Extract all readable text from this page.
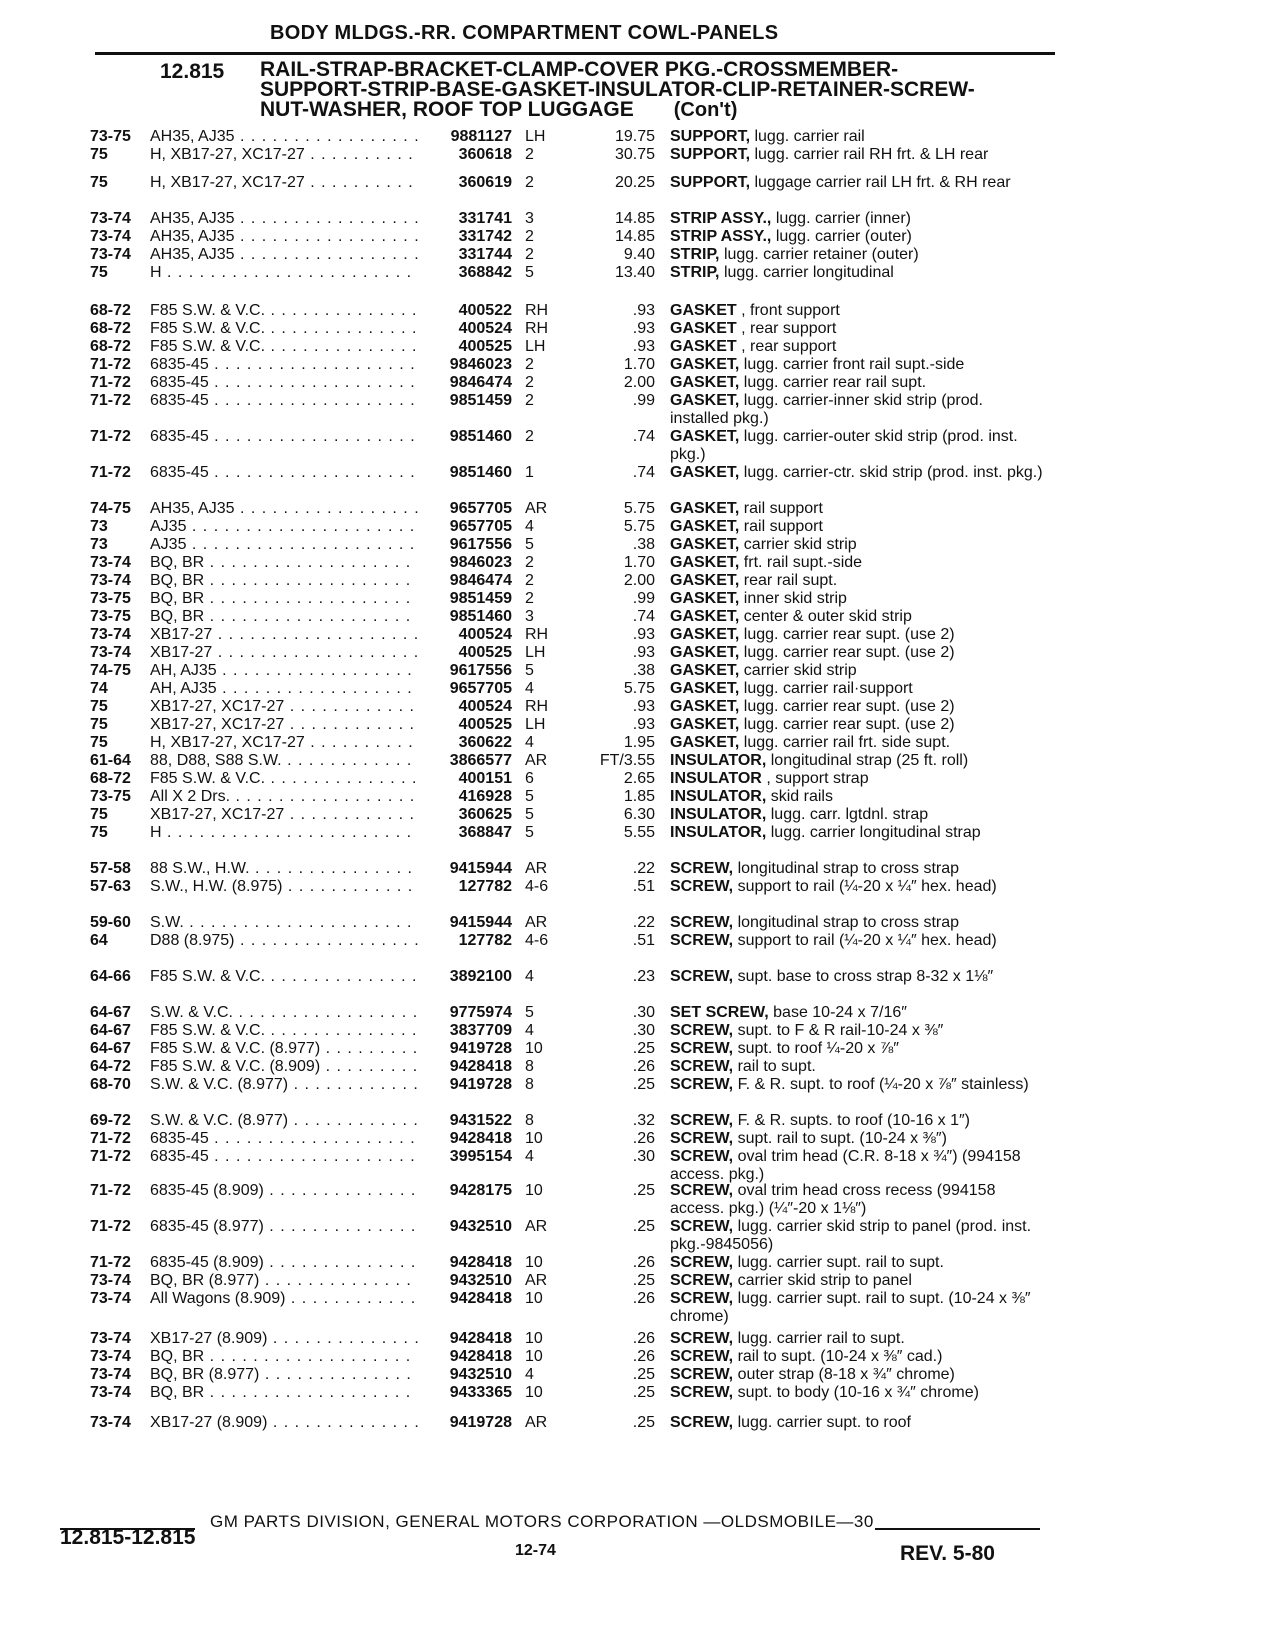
BODY MLDGS.-RR. COMPARTMENT COWL-PANELS
12.815 RAIL-STRAP-BRACKET-CLAMP-COVER PKG.-CROSSMEMBER-
SUPPORT-STRIP-BASE-GASKET-INSULATOR-CLIP-RETAINER-SCREW-
NUT-WASHER, ROOF TOP LUGGAGE (Con't)
73-75	AH35, AJ35 . . .	9881127 LH	19.75 SUPPORT, lugg. carrier rail
75	H, XB17-27, XC17-27 . . .	360618 2	30.75 SUPPORT, lugg. carrier rail RH frt. & LH rear
75	H, XB17-27, XC17-27 . . .	360619 2	20.25 SUPPORT, luggage carrier rail LH frt. & RH rear
73-74	AH35, AJ35 . . .	331741 3	14.85 STRIP ASSY., lugg. carrier (inner)
73-74	AH35, AJ35 . . .	331742 2	14.85 STRIP ASSY., lugg. carrier (outer)
73-74	AH35, AJ35 . . .	331744 2	9.40 STRIP, lugg. carrier retainer (outer)
75	H . . .	368842 5	13.40 STRIP, lugg. carrier longitudinal
68-72	F85 S.W. & V.C. . . .	400522 RH	.93 GASKET , front support
68-72	F85 S.W. & V.C. . . .	400524 RH	.93 GASKET , rear support
68-72	F85 S.W. & V.C. . . .	400525 LH	.93 GASKET , rear support
71-72	6835-45 . . .	9846023 2	1.70 GASKET, lugg. carrier front rail supt.-side
71-72	6835-45 . . .	9846474 2	2.00 GASKET, lugg. carrier rear rail supt.
71-72	6835-45 . . .	9851459 2	.99 GASKET, lugg. carrier-inner skid strip (prod. installed pkg.)
71-72	6835-45 . . .	9851460 2	.74 GASKET, lugg. carrier-outer skid strip (prod. inst. pkg.)
71-72	6835-45 . . .	9851460 1	.74 GASKET, lugg. carrier-ctr. skid strip (prod. inst. pkg.)
74-75	AH35, AJ35 . . .	9657705 AR	5.75 GASKET, rail support
73	AJ35 . . .	9657705 4	5.75 GASKET, rail support
73	AJ35 . . .	9617556 5	.38 GASKET, carrier skid strip
73-74	BQ, BR . . .	9846023 2	1.70 GASKET, frt. rail supt.-side
73-74	BQ, BR . . .	9846474 2	2.00 GASKET, rear rail supt.
73-75	BQ, BR . . .	9851459 2	.99 GASKET, inner skid strip
73-75	BQ, BR . . .	9851460 3	.74 GASKET, center & outer skid strip
73-74	XB17-27 . . .	400524 RH	.93 GASKET, lugg. carrier rear supt. (use 2)
73-74	XB17-27 . . .	400525 LH	.93 GASKET, lugg. carrier rear supt. (use 2)
74-75	AH, AJ35 . . .	9617556 5	.38 GASKET, carrier skid strip
74	AH, AJ35 . . .	9657705 4	5.75 GASKET, lugg. carrier rail·support
75	XB17-27, XC17-27 . . .	400524 RH	.93 GASKET, lugg. carrier rear supt. (use 2)
75	XB17-27, XC17-27 . . .	400525 LH	.93 GASKET, lugg. carrier rear supt. (use 2)
75	H, XB17-27, XC17-27 . . .	360622 4	1.95 GASKET, lugg. carrier rail frt. side supt.
61-64	88, D88, S88 S.W. . . .	3866577 AR	FT/3.55 INSULATOR, longitudinal strap (25 ft. roll)
68-72	F85 S.W. & V.C. . . .	400151 6	2.65 INSULATOR , support strap
73-75	All X 2 Drs. . . .	416928 5	1.85 INSULATOR, skid rails
75	XB17-27, XC17-27 . . .	360625 5	6.30 INSULATOR, lugg. carr. lgtdnl. strap
75	H . . .	368847 5	5.55 INSULATOR, lugg. carrier longitudinal strap
57-58	88 S.W., H.W. . . .	9415944 AR	.22 SCREW, longitudinal strap to cross strap
57-63	S.W., H.W. (8.975) . . .	127782 4-6	.51 SCREW, support to rail (¼-20 x ¼″ hex. head)
59-60	S.W. . . .	9415944 AR	.22 SCREW, longitudinal strap to cross strap
64	D88 (8.975) . . .	127782 4-6	.51 SCREW, support to rail (¼-20 x ¼″ hex. head)
64-66	F85 S.W. & V.C. . . .	3892100 4	.23 SCREW, supt. base to cross strap 8-32 x 1⅛″
64-67	S.W. & V.C. . . .	9775974 5	.30 SET SCREW, base 10-24 x 7/16″
64-67	F85 S.W. & V.C. . . .	3837709 4	.30 SCREW, supt. to F & R rail-10-24 x ⅜″
64-67	F85 S.W. & V.C. (8.977) . . .	9419728 10	.25 SCREW, supt. to roof ¼-20 x ⅞″
64-72	F85 S.W. & V.C. (8.909) . . .	9428418 8	.26 SCREW, rail to supt.
68-70	S.W. & V.C. (8.977) . . .	9419728 8	.25 SCREW, F. & R. supt. to roof (¼-20 x ⅞″ stainless)
69-72	S.W. & V.C. (8.977) . . .	9431522 8	.32 SCREW, F. & R. supts. to roof (10-16 x 1″)
71-72	6835-45 . . .	9428418 10	.26 SCREW, supt. rail to supt. (10-24 x ⅜″)
71-72	6835-45 . . .	3995154 4	.30 SCREW, oval trim head (C.R. 8-18 x ¾″) (994158 access. pkg.)
71-72	6835-45 (8.909) . . .	9428175 10	.25 SCREW, oval trim head cross recess (994158 access. pkg.) (¼″-20 x 1⅛″)
71-72	6835-45 (8.977) . . .	9432510 AR	.25 SCREW, lugg. carrier skid strip to panel (prod. inst. pkg.-9845056)
71-72	6835-45 (8.909) . . .	9428418 10	.26 SCREW, lugg. carrier supt. rail to supt.
73-74	BQ, BR (8.977) . . .	9432510 AR	.25 SCREW, carrier skid strip to panel
73-74	All Wagons (8.909) . . .	9428418 10	.26 SCREW, lugg. carrier supt. rail to supt. (10-24 x ⅜″ chrome)
73-74	XB17-27 (8.909) . . .	9428418 10	.26 SCREW, lugg. carrier rail to supt.
73-74	BQ, BR . . .	9428418 10	.26 SCREW, rail to supt. (10-24 x ⅜″ cad.)
73-74	BQ, BR (8.977) . . .	9432510 4	.25 SCREW, outer strap (8-18 x ¾″ chrome)
73-74	BQ, BR . . .	9433365 10	.25 SCREW, supt. to body (10-16 x ¾″ chrome)
73-74	XB17-27 (8.909) . . .	9419728 AR	.25 SCREW, lugg. carrier supt. to roof
GM PARTS DIVISION, GENERAL MOTORS CORPORATION —OLDSMOBILE—30
12.815-12.815
12-74	REV. 5-80
